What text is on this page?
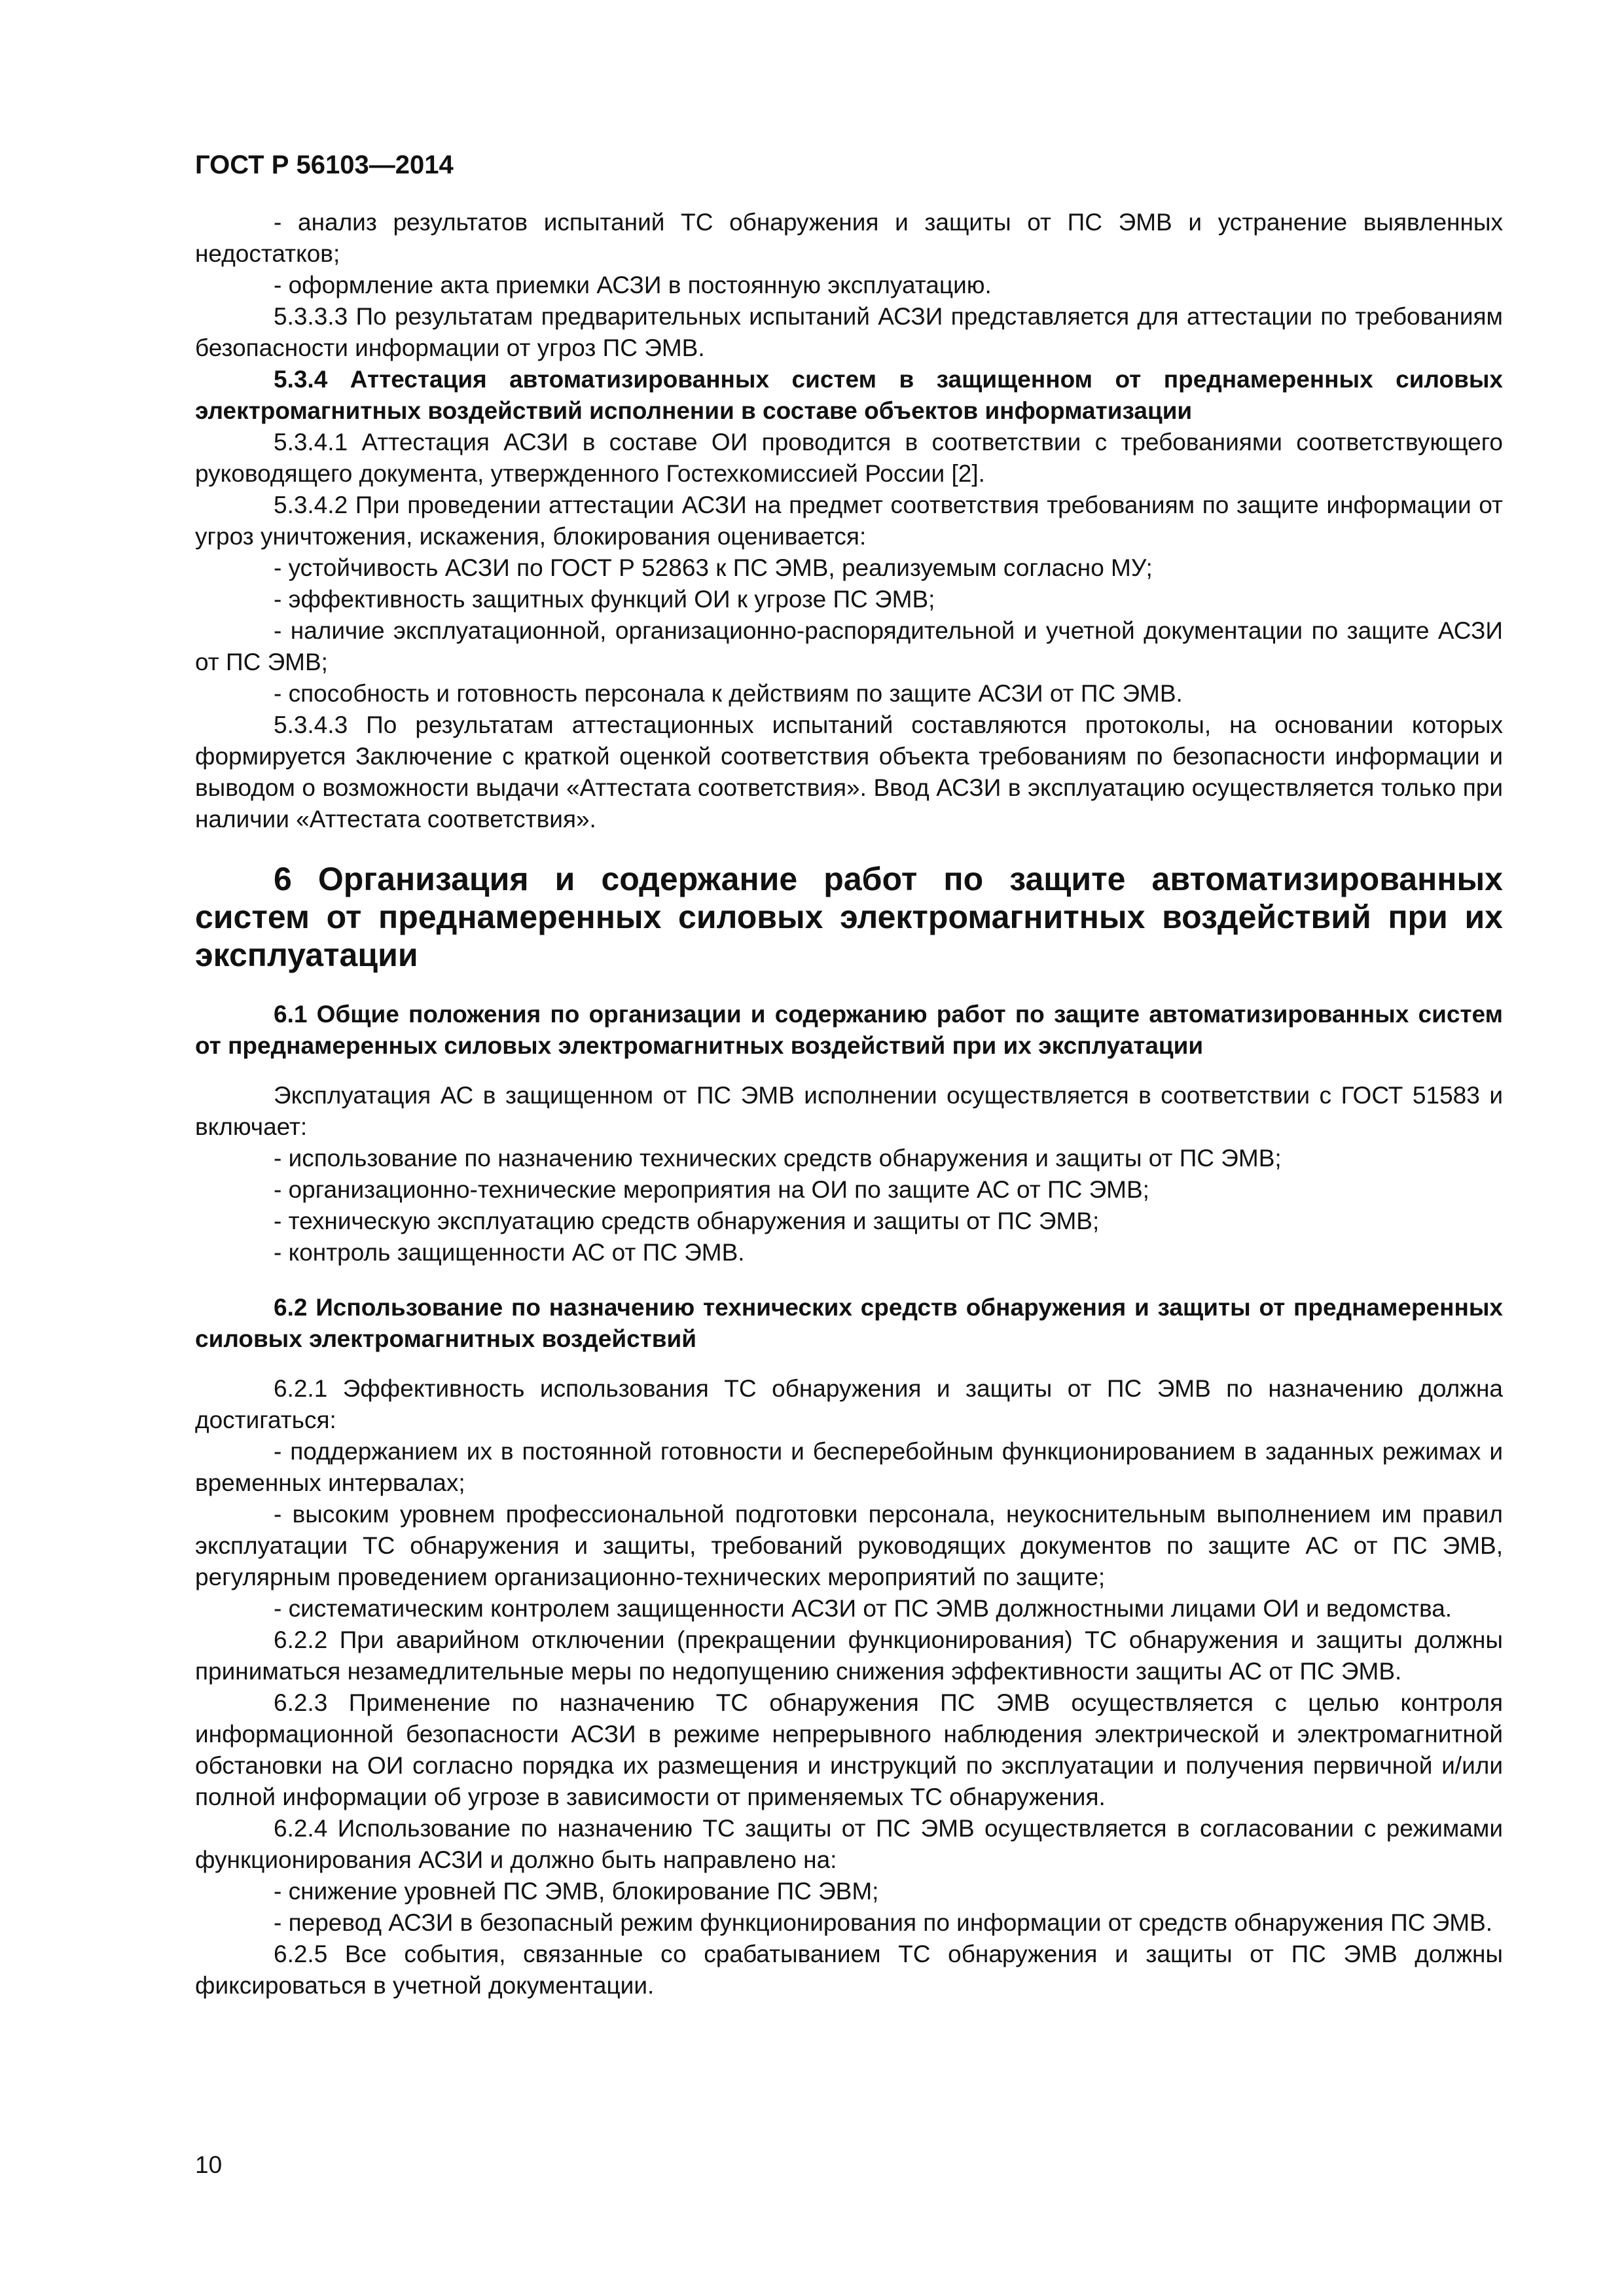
ГОСТ Р 56103—2014

- анализ результатов испытаний ТС обнаружения и защиты от ПС ЭМВ и устранение выявленных недостатков;

- оформление акта приемки АСЗИ в постоянную эксплуатацию.

5.3.3.3 По результатам предварительных испытаний АСЗИ представляется для аттестации по требованиям безопасности информации от угроз ПС ЭМВ.

5.3.4 Аттестация автоматизированных систем в защищенном от преднамеренных силовых электромагнитных воздействий исполнении в составе объектов информатизации

5.3.4.1 Аттестация АСЗИ в составе ОИ проводится в соответствии с требованиями соответствующего руководящего документа, утвержденного Гостехкомиссией России [2].

5.3.4.2 При проведении аттестации АСЗИ на предмет соответствия требованиям по защите информации от угроз уничтожения, искажения, блокирования оценивается:

- устойчивость АСЗИ по ГОСТ Р 52863 к ПС ЭМВ, реализуемым согласно МУ;

- эффективность защитных функций ОИ к угрозе ПС ЭМВ;

- наличие эксплуатационной, организационно-распорядительной и учетной документации по защите АСЗИ от ПС ЭМВ;

- способность и готовность персонала к действиям по защите АСЗИ от ПС ЭМВ.

5.3.4.3 По результатам аттестационных испытаний составляются протоколы, на основании которых формируется Заключение с краткой оценкой соответствия объекта требованиям по безопасности информации и выводом о возможности выдачи «Аттестата соответствия». Ввод АСЗИ в эксплуатацию осуществляется только при наличии «Аттестата соответствия».

6 Организация и содержание работ по защите автоматизированных систем от преднамеренных силовых электромагнитных воздействий при их эксплуатации
6.1 Общие положения по организации и содержанию работ по защите автоматизированных систем от преднамеренных силовых электромагнитных воздействий при их эксплуатации

Эксплуатация АС в защищенном от ПС ЭМВ исполнении осуществляется в соответствии с ГОСТ 51583 и включает:

- использование по назначению технических средств обнаружения и защиты от ПС ЭМВ;

- организационно-технические мероприятия на ОИ по защите АС от ПС ЭМВ;

- техническую эксплуатацию средств обнаружения и защиты от ПС ЭМВ;

- контроль защищенности АС от ПС ЭМВ.

6.2 Использование по назначению технических средств обнаружения и защиты от преднамеренных силовых электромагнитных воздействий

6.2.1 Эффективность использования ТС обнаружения и защиты от ПС ЭМВ по назначению должна достигаться:

- поддержанием их в постоянной готовности и бесперебойным функционированием в заданных режимах и временных интервалах;

- высоким уровнем профессиональной подготовки персонала, неукоснительным выполнением им правил эксплуатации ТС обнаружения и защиты, требований руководящих документов по защите АС от ПС ЭМВ, регулярным проведением организационно-технических мероприятий по защите;

- систематическим контролем защищенности АСЗИ от ПС ЭМВ должностными лицами ОИ и ведомства.

6.2.2 При аварийном отключении (прекращении функционирования) ТС обнаружения и защиты должны приниматься незамедлительные меры по недопущению снижения эффективности защиты АС от ПС ЭМВ.

6.2.3 Применение по назначению ТС обнаружения ПС ЭМВ осуществляется с целью контроля информационной безопасности АСЗИ в режиме непрерывного наблюдения электрической и электромагнитной обстановки на ОИ согласно порядка их размещения и инструкций по эксплуатации и получения первичной и/или полной информации об угрозе в зависимости от применяемых ТС обнаружения.

6.2.4 Использование по назначению ТС защиты от ПС ЭМВ осуществляется в согласовании с режимами функционирования АСЗИ и должно быть направлено на:

- снижение уровней ПС ЭМВ, блокирование ПС ЭВМ;

- перевод АСЗИ в безопасный режим функционирования по информации от средств обнаружения ПС ЭМВ.

6.2.5 Все события, связанные со срабатыванием ТС обнаружения и защиты от ПС ЭМВ должны фиксироваться в учетной документации.

10
